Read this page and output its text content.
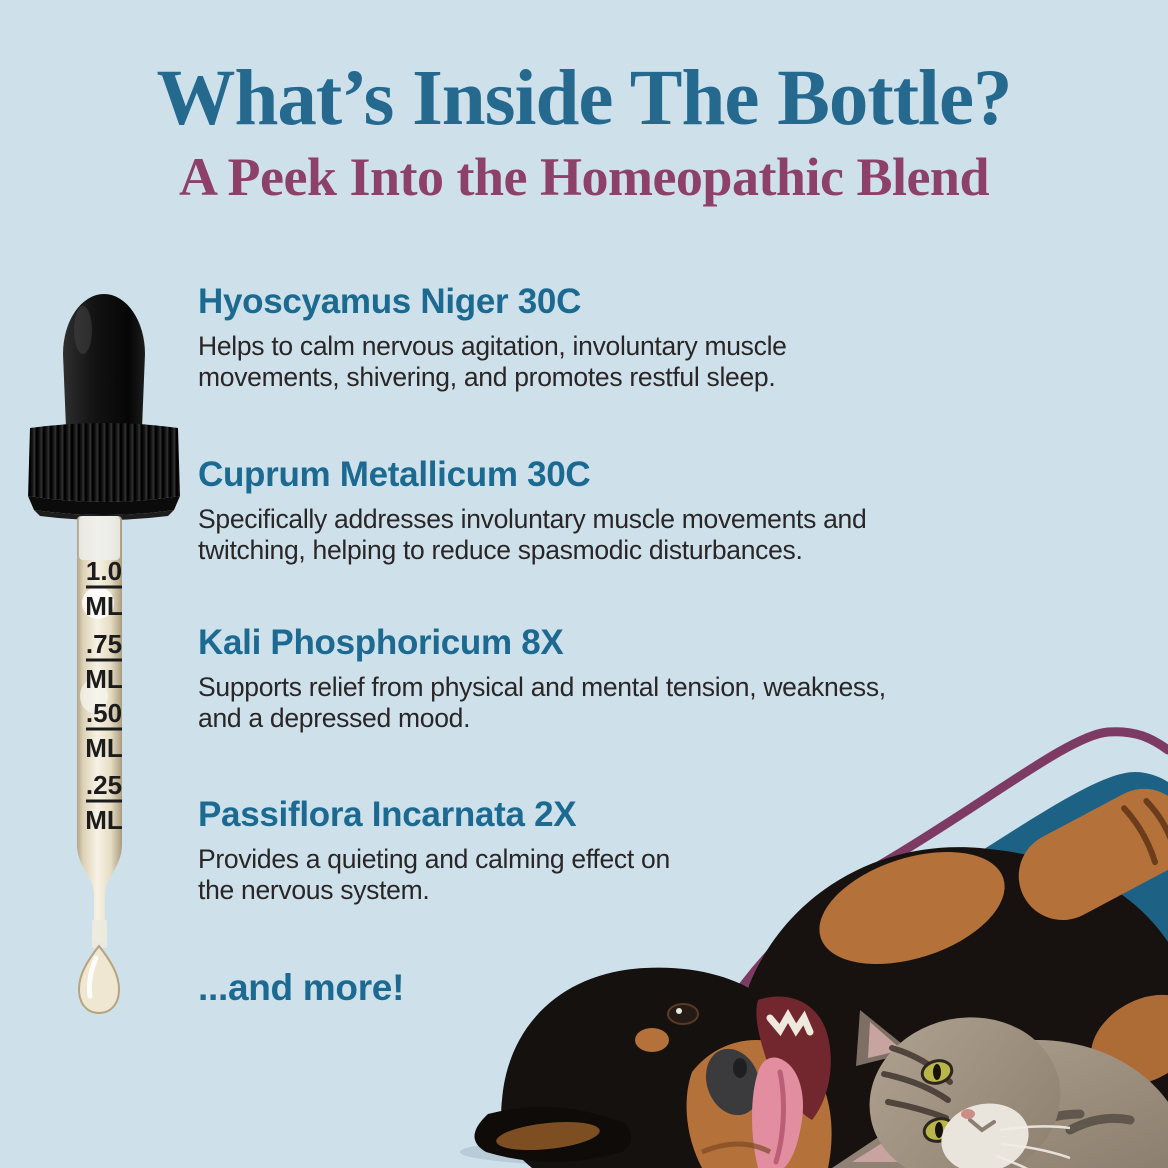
What’s Inside The Bottle?
A Peek Into the Homeopathic Blend
1.0
ML
.75
ML
.50
ML
.25
ML
Hyoscyamus Niger 30C
Helps to calm nervous agitation, involuntary muscle
movements, shivering, and promotes restful sleep.
Cuprum Metallicum 30C
Specifically addresses involuntary muscle movements and
twitching, helping to reduce spasmodic disturbances.
Kali Phosphoricum 8X
Supports relief from physical and mental tension, weakness,
and a depressed mood.
Passiflora Incarnata 2X
Provides a quieting and calming effect on
the nervous system.
...and more!
